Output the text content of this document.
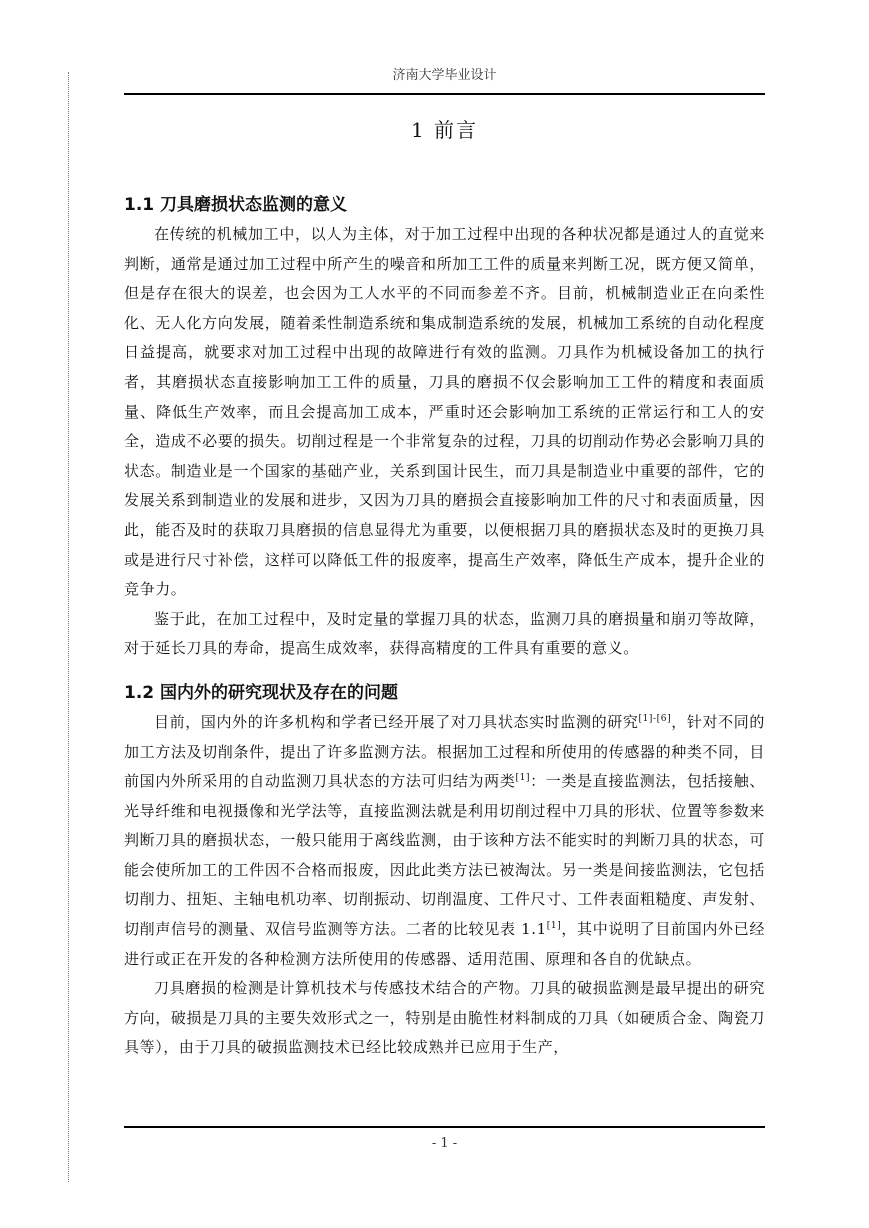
济南大学毕业设计
1 前言
1.1 刀具磨损状态监测的意义

在传统的机械加工中，以人为主体，对于加工过程中出现的各种状况都是通过人的直觉来判断，通常是通过加工过程中所产生的噪音和所加工工件的质量来判断工况，既方便又简单，但是存在很大的误差，也会因为工人水平的不同而参差不齐。目前，机械制造业正在向柔性化、无人化方向发展，随着柔性制造系统和集成制造系统的发展，机械加工系统的自动化程度日益提高，就要求对加工过程中出现的故障进行有效的监测。刀具作为机械设备加工的执行者，其磨损状态直接影响加工工件的质量，刀具的磨损不仅会影响加工工件的精度和表面质量、降低生产效率，而且会提高加工成本，严重时还会影响加工系统的正常运行和工人的安全，造成不必要的损失。切削过程是一个非常复杂的过程，刀具的切削动作势必会影响刀具的状态。制造业是一个国家的基础产业，关系到国计民生，而刀具是制造业中重要的部件，它的发展关系到制造业的发展和进步，又因为刀具的磨损会直接影响加工件的尺寸和表面质量，因此，能否及时的获取刀具磨损的信息显得尤为重要，以便根据刀具的磨损状态及时的更换刀具或是进行尺寸补偿，这样可以降低工件的报废率，提高生产效率，降低生产成本，提升企业的竞争力。

鉴于此，在加工过程中，及时定量的掌握刀具的状态，监测刀具的磨损量和崩刃等故障，对于延长刀具的寿命，提高生成效率，获得高精度的工件具有重要的意义。

1.2 国内外的研究现状及存在的问题

目前，国内外的许多机构和学者已经开展了对刀具状态实时监测的研究[1]-[6]，针对不同的加工方法及切削条件，提出了许多监测方法。根据加工过程和所使用的传感器的种类不同，目前国内外所采用的自动监测刀具状态的方法可归结为两类[1]：一类是直接监测法，包括接触、光导纤维和电视摄像和光学法等，直接监测法就是利用切削过程中刀具的形状、位置等参数来判断刀具的磨损状态，一般只能用于离线监测，由于该种方法不能实时的判断刀具的状态，可能会使所加工的工件因不合格而报废，因此此类方法已被淘汰。另一类是间接监测法，它包括切削力、扭矩、主轴电机功率、切削振动、切削温度、工件尺寸、工件表面粗糙度、声发射、切削声信号的测量、双信号监测等方法。二者的比较见表 1.1[1]，其中说明了目前国内外已经进行或正在开发的各种检测方法所使用的传感器、适用范围、原理和各自的优缺点。

刀具磨损的检测是计算机技术与传感技术结合的产物。刀具的破损监测是最早提出的研究方向，破损是刀具的主要失效形式之一，特别是由脆性材料制成的刀具（如硬质合金、陶瓷刀具等），由于刀具的破损监测技术已经比较成熟并已应用于生产，

- 1 -
